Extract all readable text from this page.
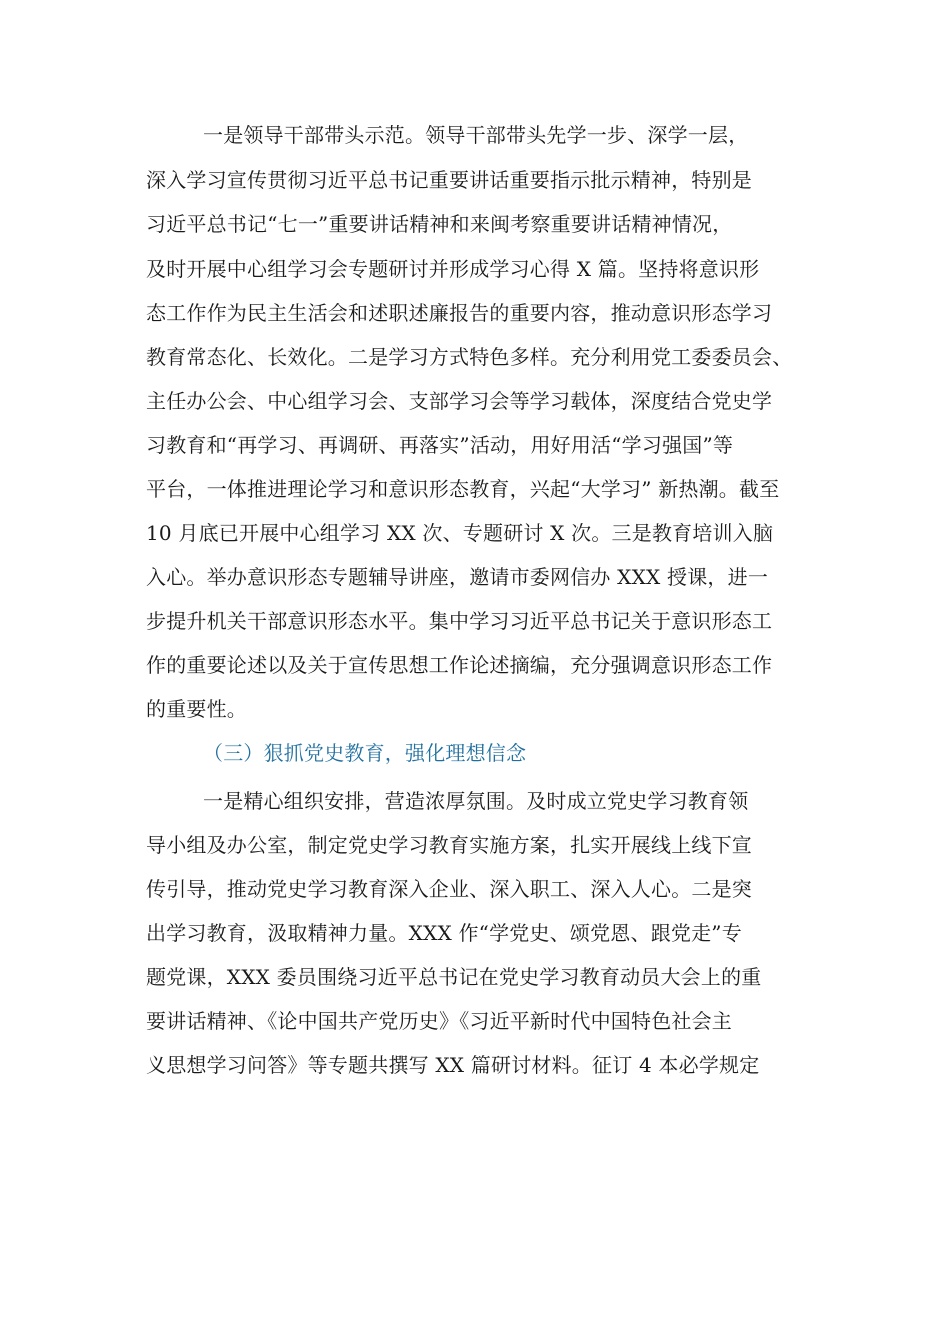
一是领导干部带头示范。领导干部带头先学一步、深学一层，
深入学习宣传贯彻习近平总书记重要讲话重要指示批示精神，特别是
习近平总书记“七一”重要讲话精神和来闽考察重要讲话精神情况，
及时开展中心组学习会专题研讨并形成学习心得 X 篇。坚持将意识形
态工作作为民主生活会和述职述廉报告的重要内容，推动意识形态学习
教育常态化、长效化。二是学习方式特色多样。充分利用党工委委员会、
主任办公会、中心组学习会、支部学习会等学习载体，深度结合党史学
习教育和“再学习、再调研、再落实”活动，用好用活“学习强国”等
平台，一体推进理论学习和意识形态教育，兴起“大学习” 新热潮。截至
10 月底已开展中心组学习 XX 次、专题研讨 X 次。三是教育培训入脑
入心。举办意识形态专题辅导讲座，邀请市委网信办 XXX 授课，进一
步提升机关干部意识形态水平。集中学习习近平总书记关于意识形态工
作的重要论述以及关于宣传思想工作论述摘编，充分强调意识形态工作
的重要性。
（三）狠抓党史教育，强化理想信念
一是精心组织安排，营造浓厚氛围。及时成立党史学习教育领
导小组及办公室，制定党史学习教育实施方案，扎实开展线上线下宣
传引导，推动党史学习教育深入企业、深入职工、深入人心。二是突
出学习教育，汲取精神力量。XXX 作“学党史、颂党恩、跟党走”专
题党课，XXX 委员围绕习近平总书记在党史学习教育动员大会上的重
要讲话精神、《论中国共产党历史》《习近平新时代中国特色社会主
义思想学习问答》等专题共撰写 XX 篇研讨材料。征订 4 本必学规定
